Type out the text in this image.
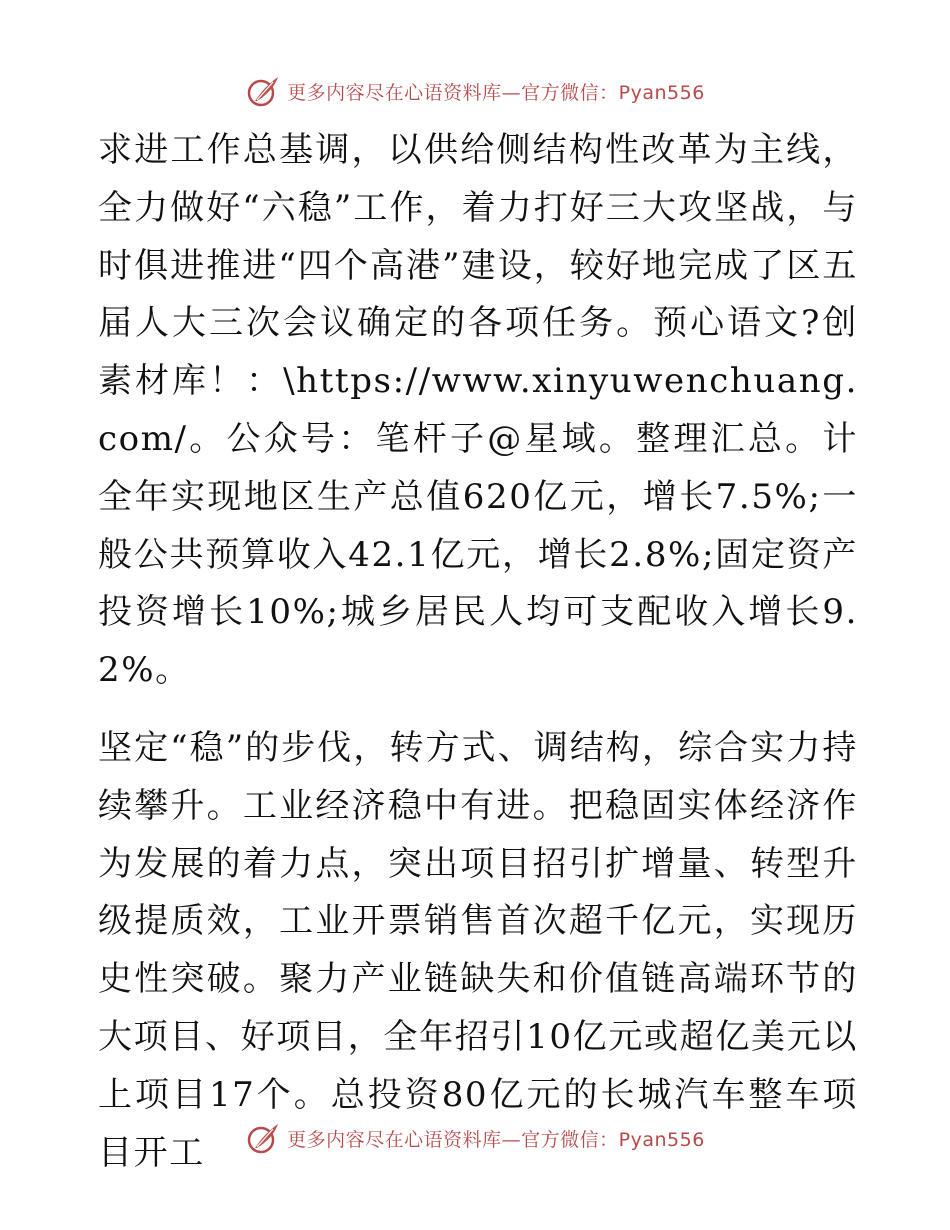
更多内容尽在心语资料库—官方微信：Pyan556

求进工作总基调，以供给侧结构性改革为主线，全力做好“六稳”工作，着力打好三大攻坚战，与时俱进推进“四个高港”建设，较好地完成了区五届人大三次会议确定的各项任务。预心语文?创素材库！：\https://www.xinyuwenchuang.com/。公众号：笔杆子@星域。整理汇总。计全年实现地区生产总值620亿元，增长7.5%;一般公共预算收入42.1亿元，增长2.8%;固定资产投资增长10%;城乡居民人均可支配收入增长9.2%。

坚定“稳”的步伐，转方式、调结构，综合实力持续攀升。工业经济稳中有进。把稳固实体经济作为发展的着力点，突出项目招引扩增量、转型升级提质效，工业开票销售首次超千亿元，实现历史性突破。聚力产业链缺失和价值链高端环节的大项目、好项目，全年招引10亿元或超亿美元以上项目17个。总投资80亿元的长城汽车整车项目开工	更多内容尽在心语资料库—官方微信：Pyan556
